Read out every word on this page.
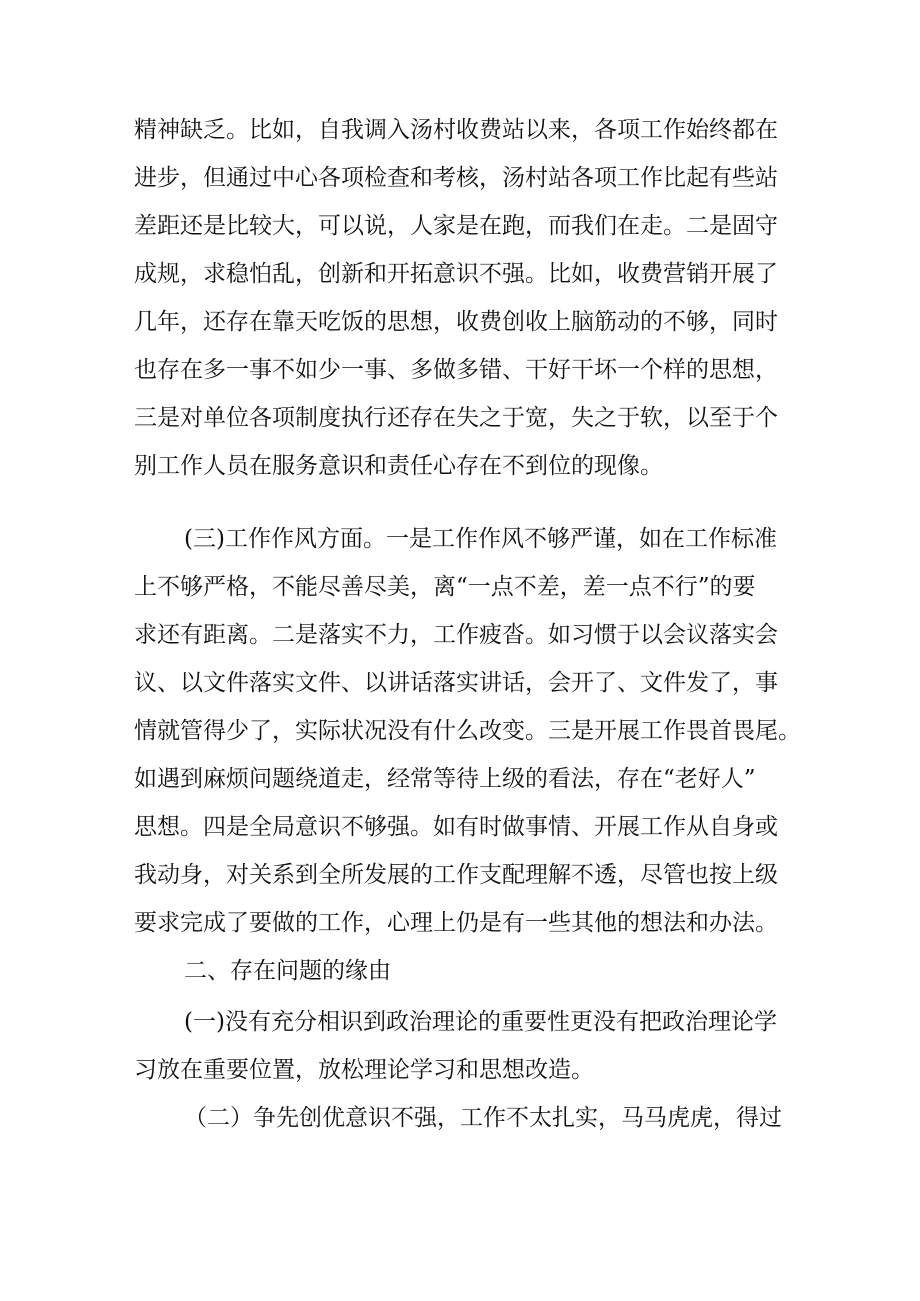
精神缺乏。比如，自我调入汤村收费站以来，各项工作始终都在
进步，但通过中心各项检查和考核，汤村站各项工作比起有些站
差距还是比较大，可以说，人家是在跑，而我们在走。二是固守
成规，求稳怕乱，创新和开拓意识不强。比如，收费营销开展了
几年，还存在靠天吃饭的思想，收费创收上脑筋动的不够，同时
也存在多一事不如少一事、多做多错、干好干坏一个样的思想，
三是对单位各项制度执行还存在失之于宽，失之于软，以至于个
别工作人员在服务意识和责任心存在不到位的现像。
(三)工作作风方面。一是工作作风不够严谨，如在工作标准
上不够严格，不能尽善尽美，离“一点不差，差一点不行”的要
求还有距离。二是落实不力，工作疲沓。如习惯于以会议落实会
议、以文件落实文件、以讲话落实讲话，会开了、文件发了，事
情就管得少了，实际状况没有什么改变。三是开展工作畏首畏尾。
如遇到麻烦问题绕道走，经常等待上级的看法，存在“老好人”
思想。四是全局意识不够强。如有时做事情、开展工作从自身或
我动身，对关系到全所发展的工作支配理解不透，尽管也按上级
要求完成了要做的工作，心理上仍是有一些其他的想法和办法。
二、存在问题的缘由
(一)没有充分相识到政治理论的重要性更没有把政治理论学
习放在重要位置，放松理论学习和思想改造。
（二）争先创优意识不强，工作不太扎实，马马虎虎，得过
